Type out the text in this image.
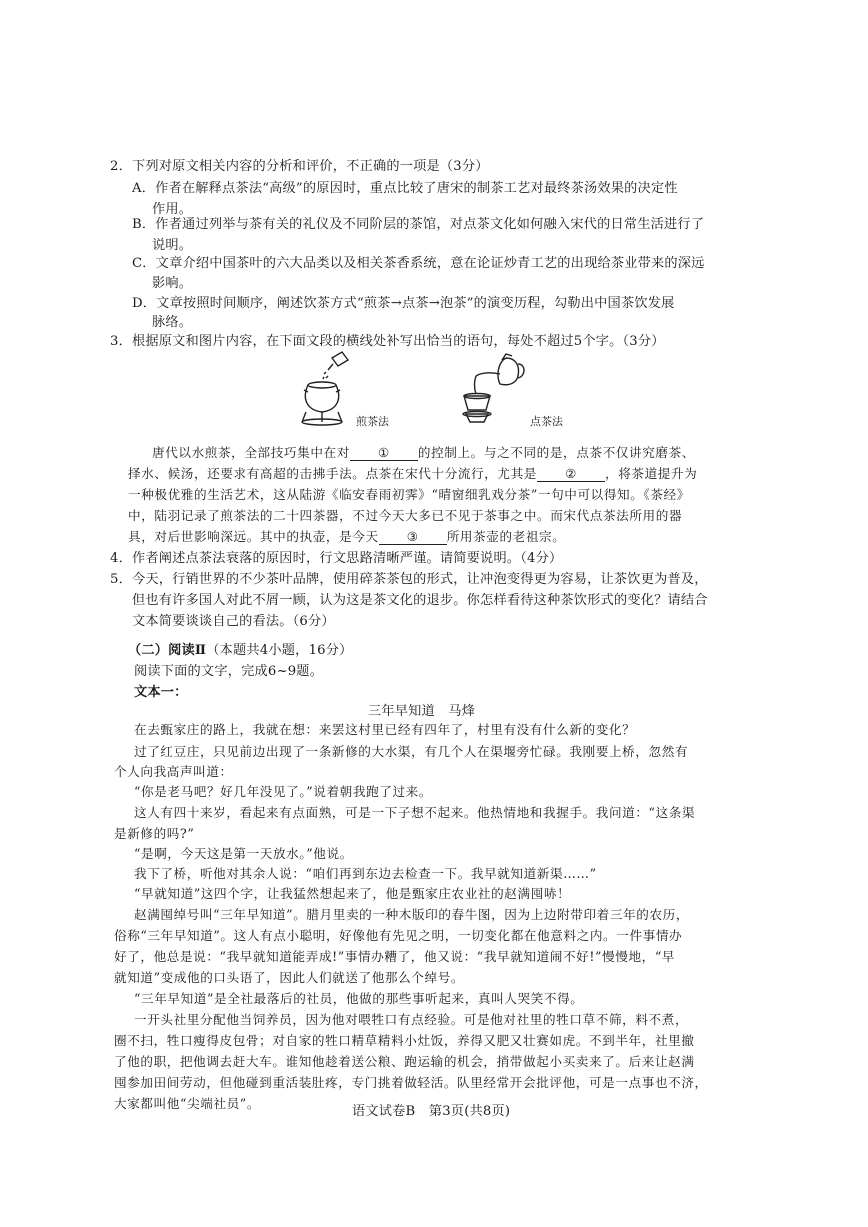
2．下列对原文相关内容的分析和评价，不正确的一项是（3分）
A．作者在解释点茶法“高级”的原因时，重点比较了唐宋的制茶工艺对最终茶汤效果的决定性
作用。
B．作者通过列举与茶有关的礼仪及不同阶层的茶馆，对点茶文化如何融入宋代的日常生活进行了
说明。
C．文章介绍中国茶叶的六大品类以及相关茶香系统，意在论证炒青工艺的出现给茶业带来的深远
影响。
D．文章按照时间顺序，阐述饮茶方式“煎茶→点茶→泡茶”的演变历程，勾勒出中国茶饮发展
脉络。
3．根据原文和图片内容，在下面文段的横线处补写出恰当的语句，每处不超过5个字。（3分）
煎茶法	点茶法
唐代以水煎茶，全部技巧集中在对 ① 的控制上。与之不同的是，点茶不仅讲究磨茶、
择水、候汤，还要求有高超的击拂手法。点茶在宋代十分流行，尤其是 ② ，将茶道提升为
一种极优雅的生活艺术，这从陆游《临安春雨初霁》“晴窗细乳戏分茶”一句中可以得知。《茶经》
中，陆羽记录了煎茶法的二十四茶器，不过今天大多已不见于茶事之中。而宋代点茶法所用的器
具，对后世影响深远。其中的执壶，是今天 ③ 所用茶壶的老祖宗。
4．作者阐述点茶法衰落的原因时，行文思路清晰严谨。请简要说明。（4分）
5．今天，行销世界的不少茶叶品牌，使用碎茶茶包的形式，让冲泡变得更为容易，让茶饮更为普及，
但也有许多国人对此不屑一顾，认为这是茶文化的退步。你怎样看待这种茶饮形式的变化？请结合
文本简要谈谈自己的看法。（6分）
（二）阅读Ⅱ（本题共4小题，16分）
阅读下面的文字，完成6~9题。
文本一：
三年早知道　马烽
在去甄家庄的路上，我就在想：来罢这村里已经有四年了，村里有没有什么新的变化？
过了红豆庄，只见前边出现了一条新修的大水渠，有几个人在渠堰旁忙碌。我刚要上桥，忽然有
个人向我高声叫道：
“你是老马吧？好几年没见了。”说着朝我跑了过来。
这人有四十来岁，看起来有点面熟，可是一下子想不起来。他热情地和我握手。我问道：“这条渠
是新修的吗?”
“是啊，今天这是第一天放水。”他说。
我下了桥，听他对其余人说：“咱们再到东边去检查一下。我早就知道新渠……”
“早就知道”这四个字，让我猛然想起来了，他是甄家庄农业社的赵满囤哧！
赵满囤绰号叫“三年早知道”。腊月里卖的一种木版印的春牛图，因为上边附带印着三年的农历，
俗称“三年早知道”。这人有点小聪明，好像他有先见之明，一切变化都在他意料之内。一件事情办
好了，他总是说：“我早就知道能弄成!”事情办糟了，他又说：“我早就知道闹不好!”慢慢地，“早
就知道”变成他的口头语了，因此人们就送了他那么个绰号。
“三年早知道”是全社最落后的社员，他做的那些事听起来，真叫人哭笑不得。
一开头社里分配他当饲养员，因为他对喂牲口有点经验。可是他对社里的牲口草不筛，料不煮，
圈不扫，牲口瘦得皮包骨；对自家的牲口精草精料小灶饭，养得又肥又壮赛如虎。不到半年，社里撤
了他的职，把他调去赶大车。谁知他趁着送公粮、跑运输的机会，捎带做起小买卖来了。后来让赵满
囤参加田间劳动，但他碰到重活装肚疼，专门挑着做轻活。队里经常开会批评他，可是一点事也不济，
大家都叫他“尖端社员”。
语文试卷B　第3页(共8页)
